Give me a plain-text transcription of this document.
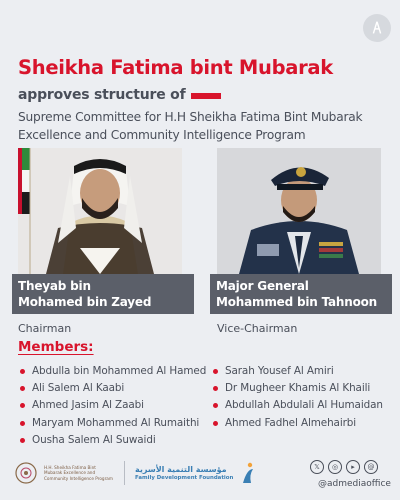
Sheikha Fatima bint Mubarak
approves structure of
Supreme Committee for H.H Sheikha Fatima Bint Mubarak
Excellence and Community Intelligence Program
Theyab bin
Mohamed bin Zayed
Major General
Mohammed bin Tahnoon
Chairman	Vice-Chairman
Members:
Abdulla bin Mohammed Al Hamed
Ali Salem Al Kaabi
Ahmed Jasim Al Zaabi
Maryam Mohammed Al Rumaithi
Ousha Salem Al Suwaidi
Sarah Yousef Al Amiri
Dr Mugheer Khamis Al Khaili
Abdullah Abdulali Al Humaidan
Ahmed Fadhel Almehairbi
H.H. Sheikha Fatima Bint Mubarak Excellence and Community Intelligence Program
مؤسسة التنمية الأسرية
Family Development Foundation
𝕏	◎	▸	@
@admediaoffice
